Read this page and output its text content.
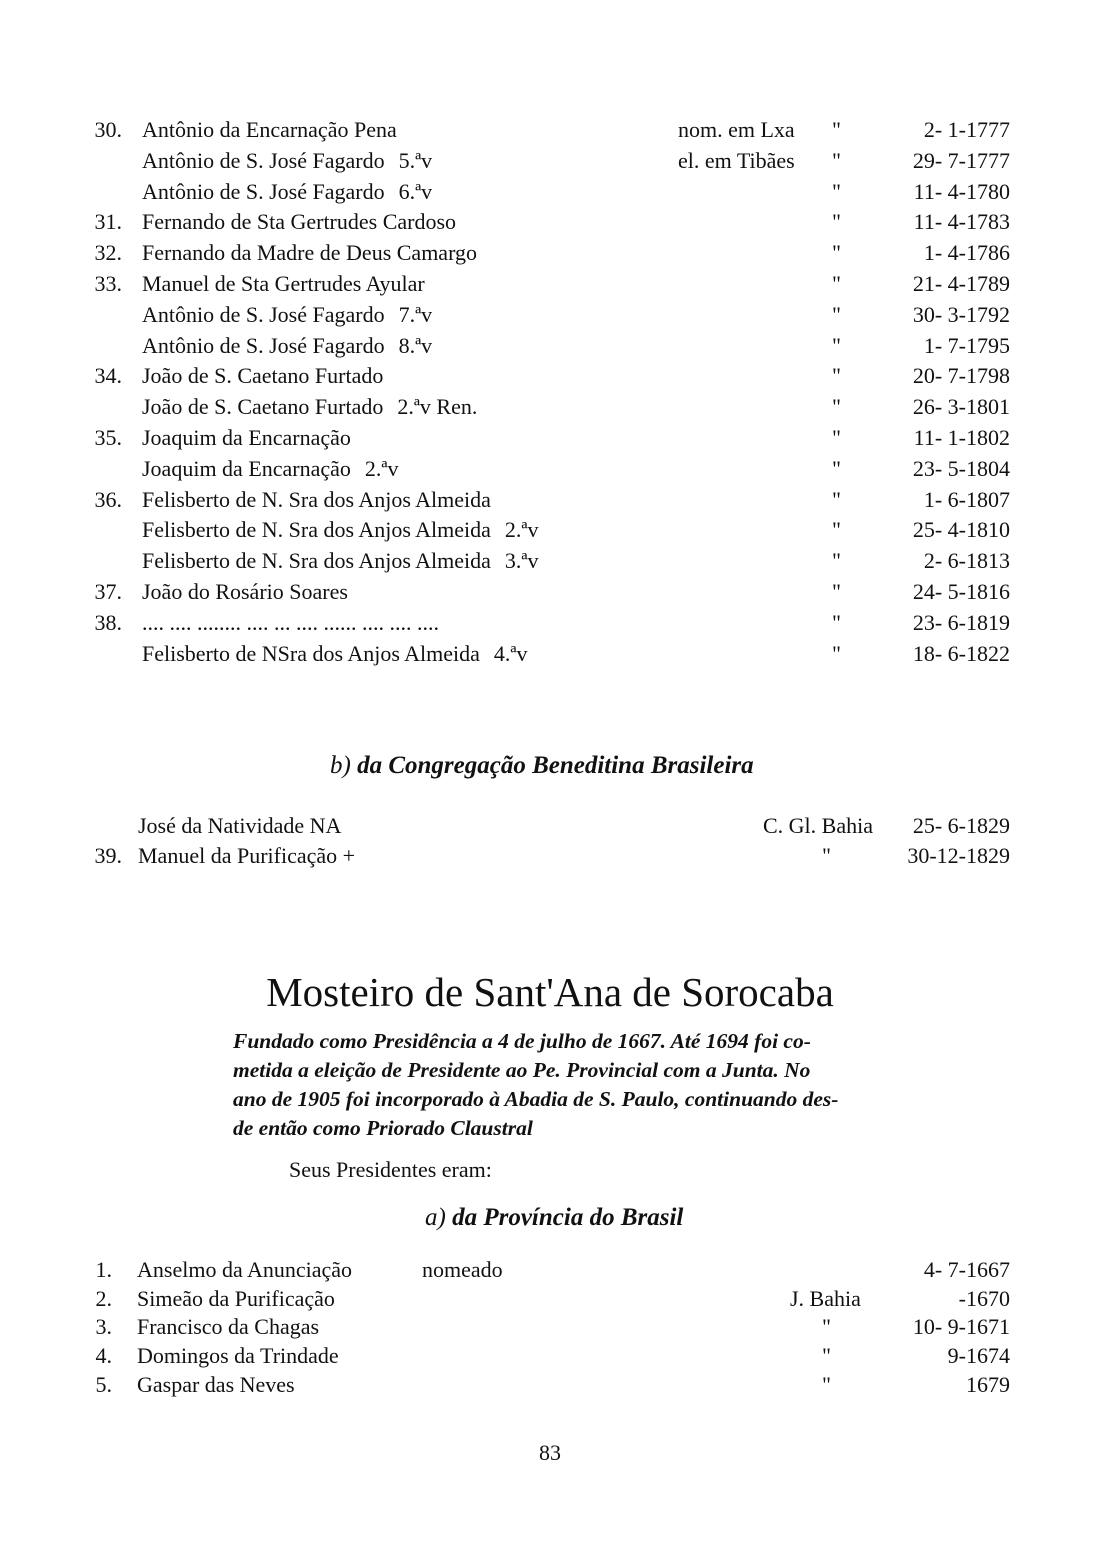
30. Antônio da Encarnação Pena	nom. em Lxa "	2- 1-1777
Antônio de S. José Fagardo 5.ªv	el. em Tibães "	29- 7-1777
Antônio de S. José Fagardo 6.ªv	"	11- 4-1780
31. Fernando de Sta Gertrudes Cardoso	"	11- 4-1783
32. Fernando da Madre de Deus Camargo	"	1- 4-1786
33. Manuel de Sta Gertrudes Ayular	"	21- 4-1789
Antônio de S. José Fagardo 7.ªv	"	30- 3-1792
Antônio de S. José Fagardo 8.ªv	"	1- 7-1795
34. João de S. Caetano Furtado	"	20- 7-1798
João de S. Caetano Furtado 2.ªv Ren.	"	26- 3-1801
35. Joaquim da Encarnação	"	11- 1-1802
Joaquim da Encarnação 2.ªv	"	23- 5-1804
36. Felisberto de N. Sra dos Anjos Almeida	"	1- 6-1807
Felisberto de N. Sra dos Anjos Almeida 2.ªv	"	25- 4-1810
Felisberto de N. Sra dos Anjos Almeida 3.ªv	"	2- 6-1813
37. João do Rosário Soares	"	24- 5-1816
38. .... .... ........ .... ... .... ...... .... .... ....	"	23- 6-1819
Felisberto de NSra dos Anjos Almeida 4.ªv	"	18- 6-1822
b) da Congregação Beneditina Brasileira
José da Natividade NA	C. Gl. Bahia	25- 6-1829
39. Manuel da Purificação +	"	30-12-1829
Mosteiro de Sant'Ana de Sorocaba

Fundado como Presidência a 4 de julho de 1667. Até 1694 foi co-

metida a eleição de Presidente ao Pe. Provincial com a Junta. No

ano de 1905 foi incorporado à Abadia de S. Paulo, continuando des-

de então como Priorado Claustral

Seus Presidentes eram:
a) da Província do Brasil
1. Anselmo da Anunciação	nomeado	4- 7-1667
2. Simeão da Purificação	J. Bahia	-1670
3. Francisco da Chagas	"	10- 9-1671
4. Domingos da Trindade	"	9-1674
5. Gaspar das Neves	"	1679
83
